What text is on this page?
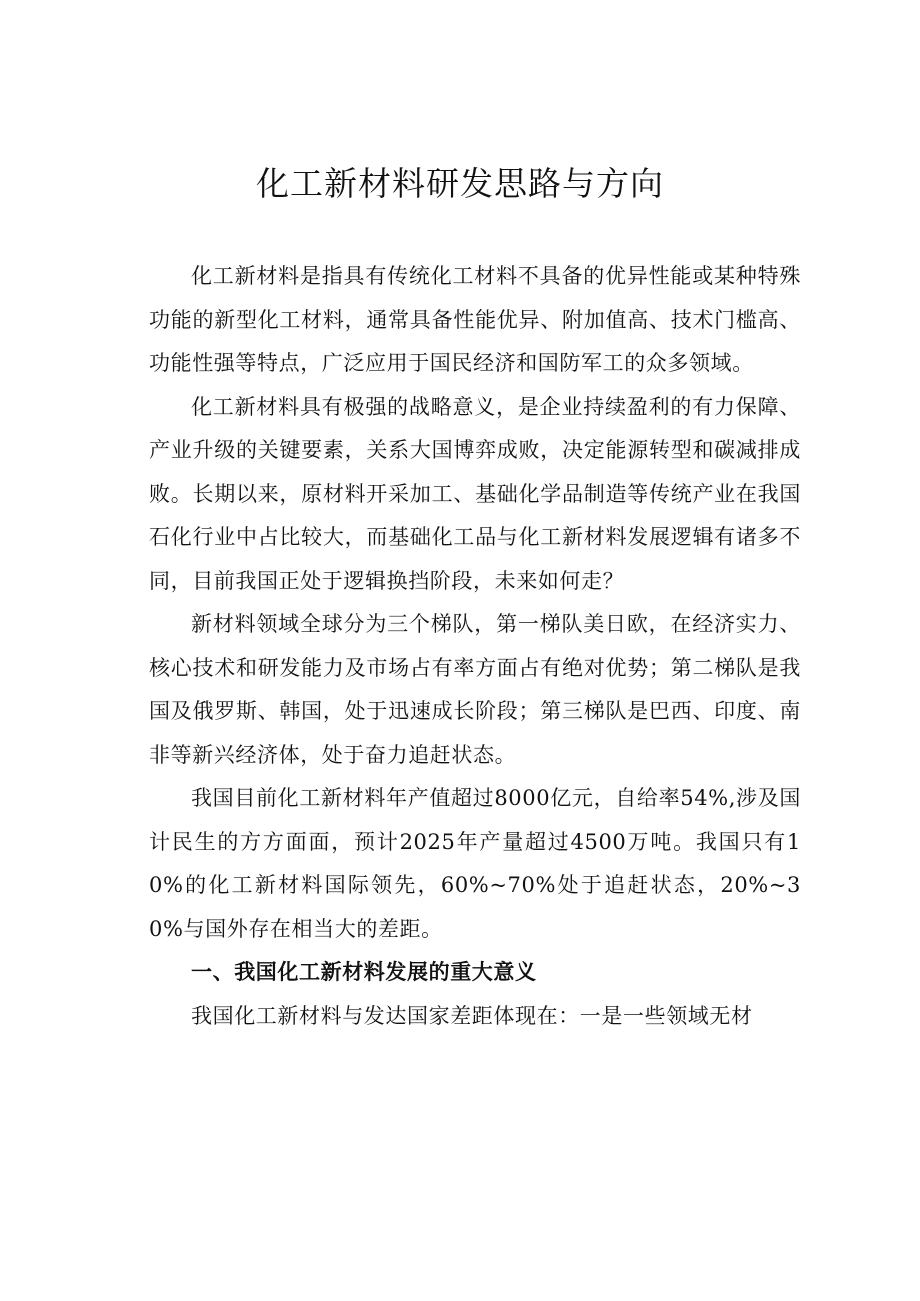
化工新材料研发思路与方向

化工新材料是指具有传统化工材料不具备的优异性能或某种特殊功能的新型化工材料，通常具备性能优异、附加值高、技术门槛高、功能性强等特点，广泛应用于国民经济和国防军工的众多领域。

化工新材料具有极强的战略意义，是企业持续盈利的有力保障、产业升级的关键要素，关系大国博弈成败，决定能源转型和碳减排成败。长期以来，原材料开采加工、基础化学品制造等传统产业在我国石化行业中占比较大，而基础化工品与化工新材料发展逻辑有诸多不同，目前我国正处于逻辑换挡阶段，未来如何走？

新材料领域全球分为三个梯队，第一梯队美日欧，在经济实力、核心技术和研发能力及市场占有率方面占有绝对优势；第二梯队是我国及俄罗斯、韩国，处于迅速成长阶段；第三梯队是巴西、印度、南非等新兴经济体，处于奋力追赶状态。

我国目前化工新材料年产值超过8000亿元，自给率54%,涉及国计民生的方方面面，预计2025年产量超过4500万吨。我国只有10%的化工新材料国际领先，60%~70%处于追赶状态，20%~30%与国外存在相当大的差距。

一、我国化工新材料发展的重大意义

我国化工新材料与发达国家差距体现在：一是一些领域无材
